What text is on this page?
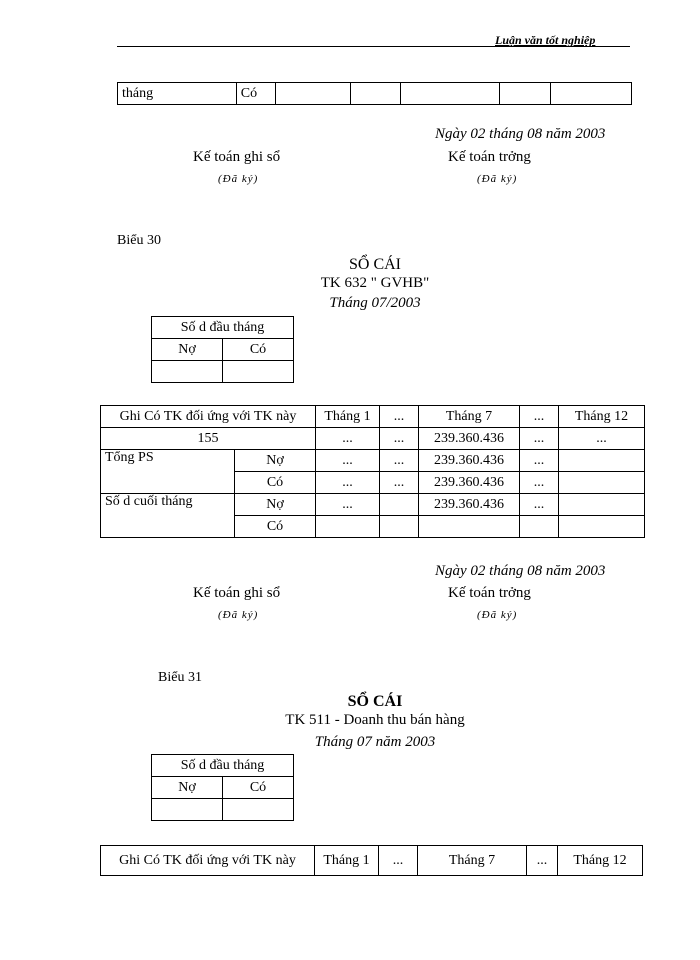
Luận văn tốt nghiệp
tháng	Có					
Ngày 02 tháng 08 năm 2003
Kế toán ghi sổ	Kế toán trởng
(Đã ký)	(Đã ký)
Biểu 30
SỔ CÁI
TK 632 " GVHB"
Tháng 07/2003
Số d đầu tháng	
Nợ	Có

Ghi Có TK đối ứng với TK này		Tháng 1	...	Tháng 7	...	Tháng 12
155		...	...	239.360.436	...	...
Tổng PS	Nợ	...	...	239.360.436	...	
	Có	...	...	239.360.436	...	
Số d cuối tháng	Nợ	...		239.360.436	...	
	Có					
Ngày 02 tháng 08 năm 2003
Kế toán ghi sổ	Kế toán trởng
(Đã ký)	(Đã ký)
Biểu 31
SỔ CÁI
TK 511 - Doanh thu bán hàng
Tháng 07 năm 2003
Số d đầu tháng	
Nợ	Có

Ghi Có TK đối ứng với TK này	Tháng 1	...	Tháng 7	...	Tháng 12
